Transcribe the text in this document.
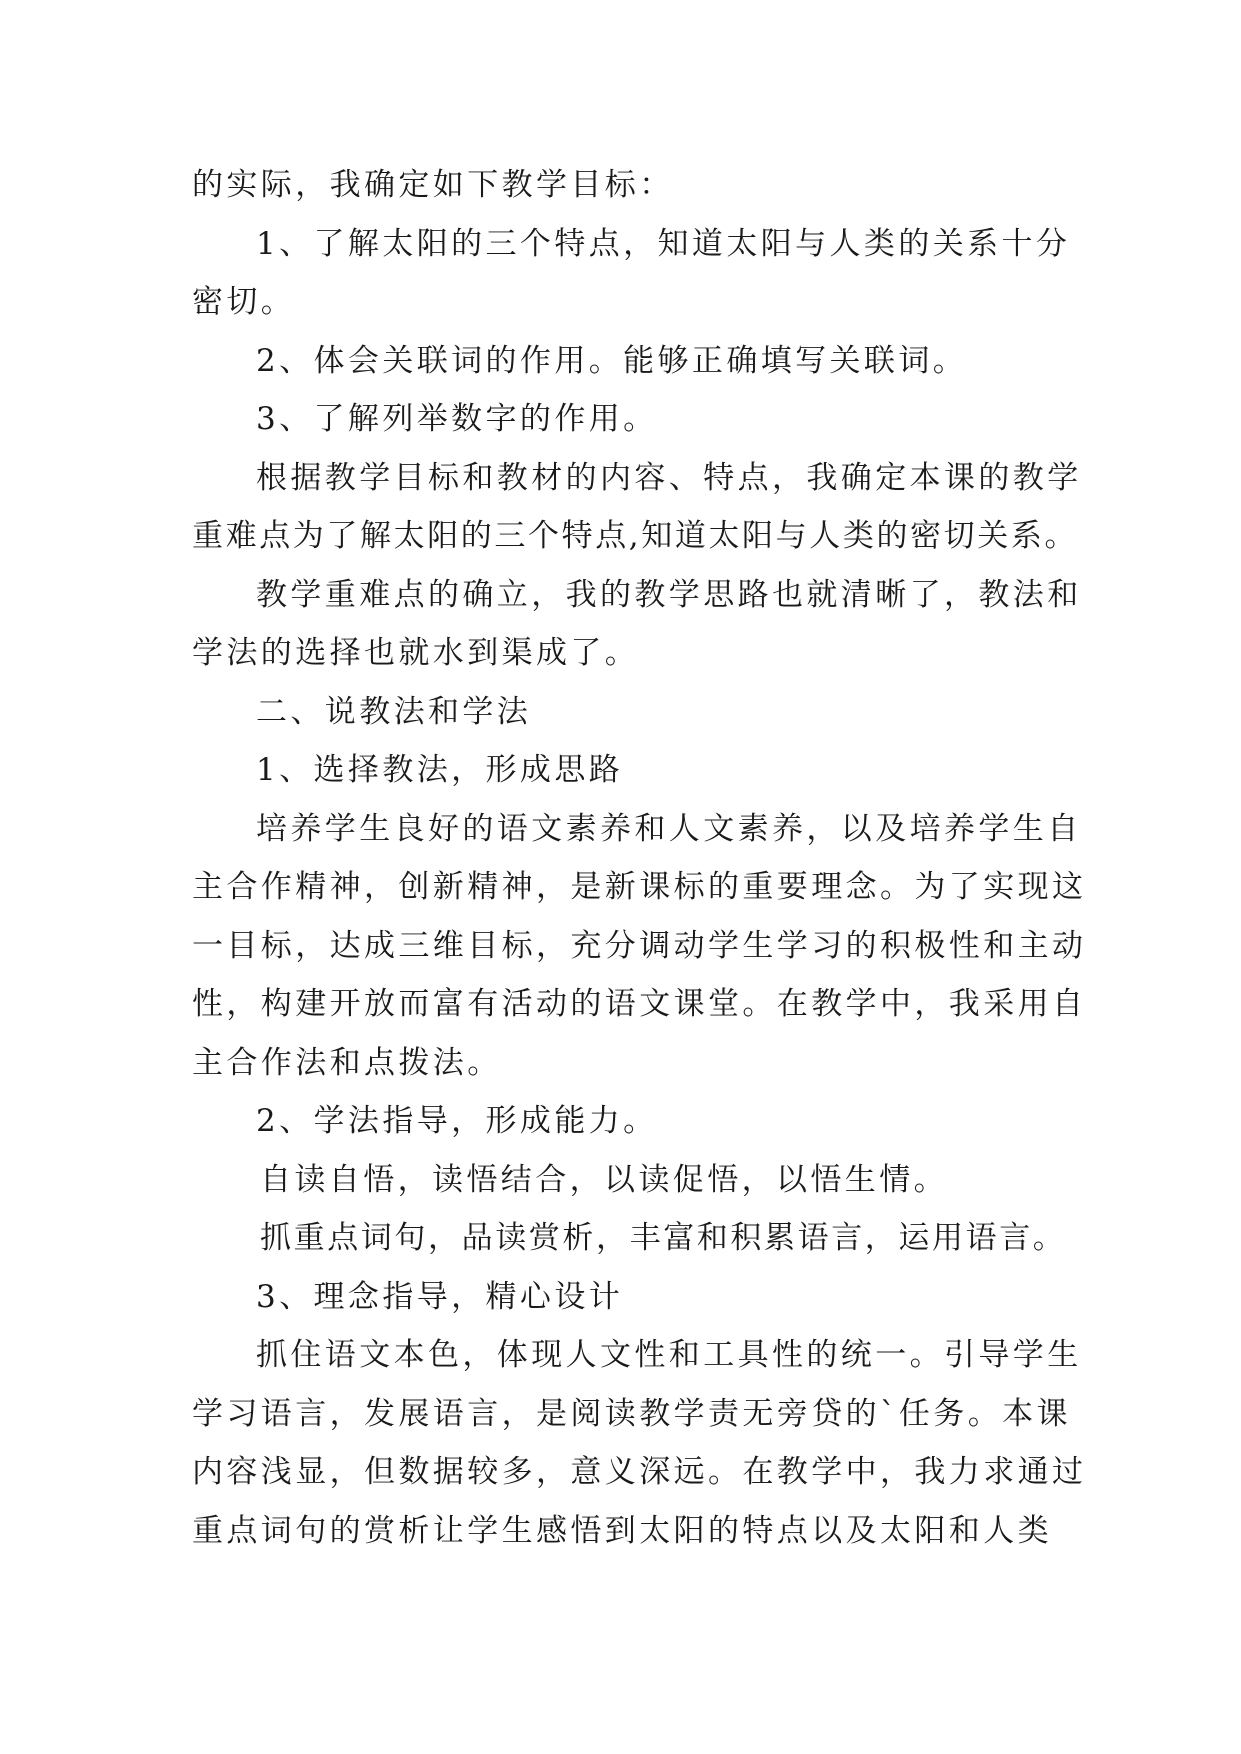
的实际，我确定如下教学目标：
1、了解太阳的三个特点，知道太阳与人类的关系十分
密切。
2、体会关联词的作用。能够正确填写关联词。
3、了解列举数字的作用。
根据教学目标和教材的内容、特点，我确定本课的教学
重难点为了解太阳的三个特点,知道太阳与人类的密切关系。
教学重难点的确立，我的教学思路也就清晰了，教法和
学法的选择也就水到渠成了。
二、说教法和学法
1、选择教法，形成思路
培养学生良好的语文素养和人文素养，以及培养学生自
主合作精神，创新精神，是新课标的重要理念。为了实现这
一目标，达成三维目标，充分调动学生学习的积极性和主动
性，构建开放而富有活动的语文课堂。在教学中，我采用自
主合作法和点拨法。
2、学法指导，形成能力。
自读自悟，读悟结合，以读促悟，以悟生情。
抓重点词句，品读赏析，丰富和积累语言，运用语言。
3、理念指导，精心设计
抓住语文本色，体现人文性和工具性的统一。引导学生
学习语言，发展语言，是阅读教学责无旁贷的`任务。本课
内容浅显，但数据较多，意义深远。在教学中，我力求通过
重点词句的赏析让学生感悟到太阳的特点以及太阳和人类
